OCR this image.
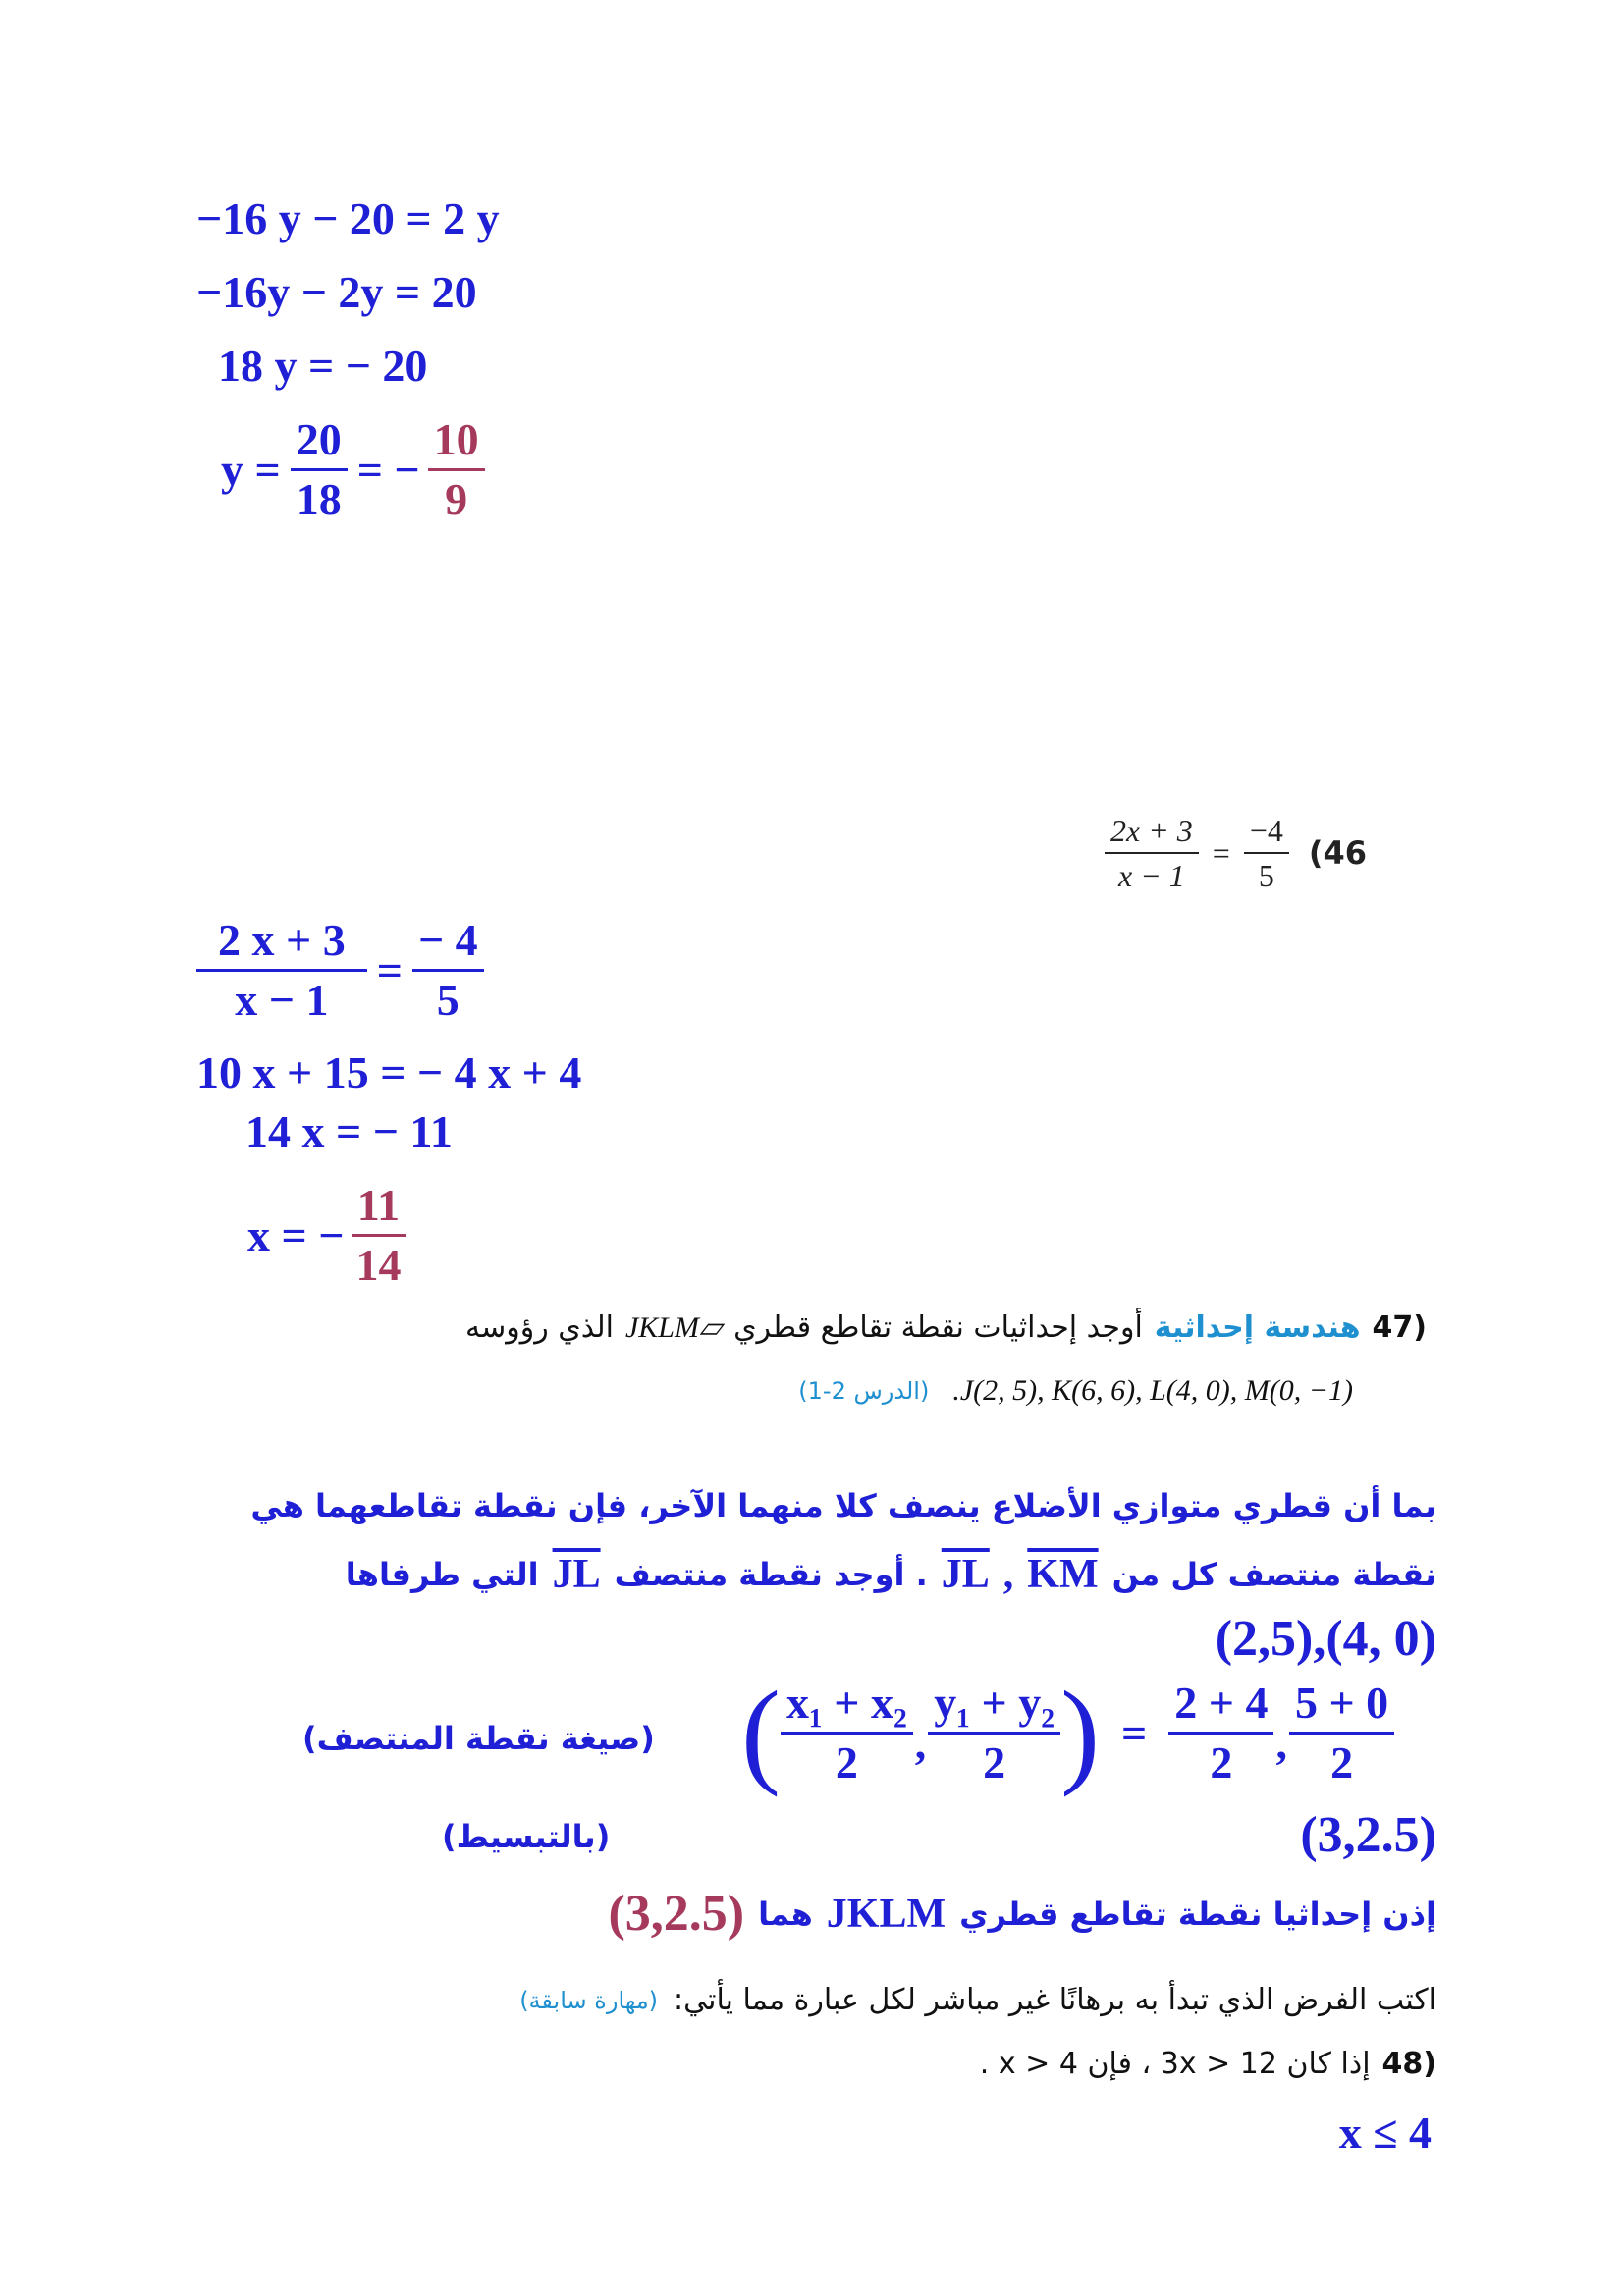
−16 y − 20 = 2 y
−16y − 2y = 20
18 y = − 20
$y = \frac{20}{18}$ = − $\frac{10}{9}$
$\frac{2x + 3}{x - 1} = \frac{-4}{5} (46$
$\frac{2 x + 3}{x - 1} = \frac{- 4}{5}$
10 x + 15 = − 4 x + 4
14 x = − 11
x = − $\frac{11}{14}$
(47
هندسة إحداثية
أوجد إحداثيات نقطة تقاطع قطري
JKLM▱
الذي رؤوسه
(الدرس 2-1) .J(2, 5), K(6, 6), L(4, 0), M(0, −1)
بما أن قطري متوازي الأضلاع ينصف كلا منهما الآخر، فإن نقطة تقاطعهما هي
نقطة منتصف كل من
$\overline{KM}$
,
$\overline{JL}$
. أوجد نقطة منتصف
$\overline{JL}$
التي طرفاها
(2,5),(4, 0)
( $\frac{\text{x₁ + x₂}}{2}$ , $\frac{\text{y₁ + y₂}}{2}$ ) = $\frac{2 + 4}{2}$ , $\frac{5 + 0}{2}$
(صيغة نقطة المنتصف)
(3,2.5)
(بالتبسيط)
إذن إحداثيا نقطة تقاطع قطري
JKLM
هما
(3,2.5)
اكتب الفرض الذي تبدأ به برهانًا غير مباشر لكل عبارة مما يأتي:
(مهارة سابقة)
(48
إذا كان 3x > 12 ، فإن x > 4 .
x ≤ 4
